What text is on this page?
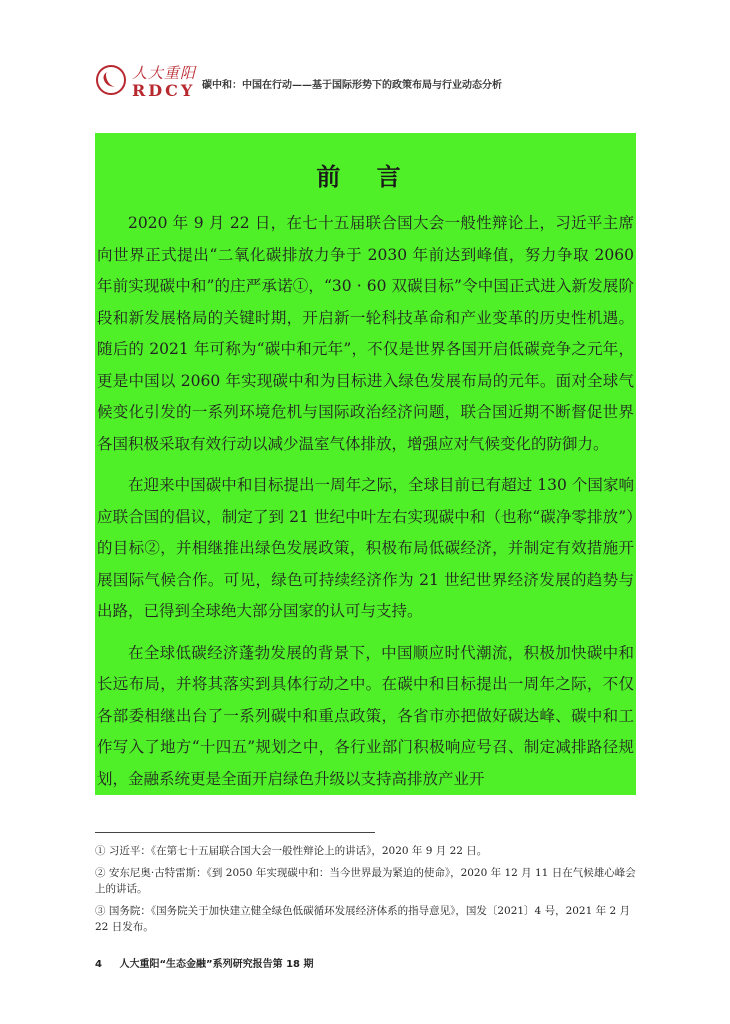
人大重阳
RDCY 碳中和：中国在行动——基于国际形势下的政策布局与行业动态分析
前 言

2020 年 9 月 22 日，在七十五届联合国大会一般性辩论上，习近平主席向世界正式提出“二氧化碳排放力争于 2030 年前达到峰值，努力争取 2060 年前实现碳中和”的庄严承诺①，“30 · 60 双碳目标”令中国正式进入新发展阶段和新发展格局的关键时期，开启新一轮科技革命和产业变革的历史性机遇。随后的 2021 年可称为“碳中和元年”，不仅是世界各国开启低碳竞争之元年，更是中国以 2060 年实现碳中和为目标进入绿色发展布局的元年。面对全球气候变化引发的一系列环境危机与国际政治经济问题，联合国近期不断督促世界各国积极采取有效行动以减少温室气体排放，增强应对气候变化的防御力。

在迎来中国碳中和目标提出一周年之际，全球目前已有超过 130 个国家响应联合国的倡议，制定了到 21 世纪中叶左右实现碳中和（也称“碳净零排放”）的目标②，并相继推出绿色发展政策，积极布局低碳经济，并制定有效措施开展国际气候合作。可见，绿色可持续经济作为 21 世纪世界经济发展的趋势与出路，已得到全球绝大部分国家的认可与支持。

在全球低碳经济蓬勃发展的背景下，中国顺应时代潮流，积极加快碳中和长远布局，并将其落实到具体行动之中。在碳中和目标提出一周年之际，不仅各部委相继出台了一系列碳中和重点政策，各省市亦把做好碳达峰、碳中和工作写入了地方“十四五”规划之中，各行业部门积极响应号召、制定减排路径规划，金融系统更是全面开启绿色升级以支持高排放产业开

① 习近平：《在第七十五届联合国大会一般性辩论上的讲话》，2020 年 9 月 22 日。

② 安东尼奥·古特雷斯：《到 2050 年实现碳中和：当今世界最为紧迫的使命》，2020 年 12 月 11 日在气候雄心峰会上的讲话。

③ 国务院：《国务院关于加快建立健全绿色低碳循环发展经济体系的指导意见》，国发〔2021〕4 号，2021 年 2 月 22 日发布。

4 人大重阳“生态金融”系列研究报告第 18 期
